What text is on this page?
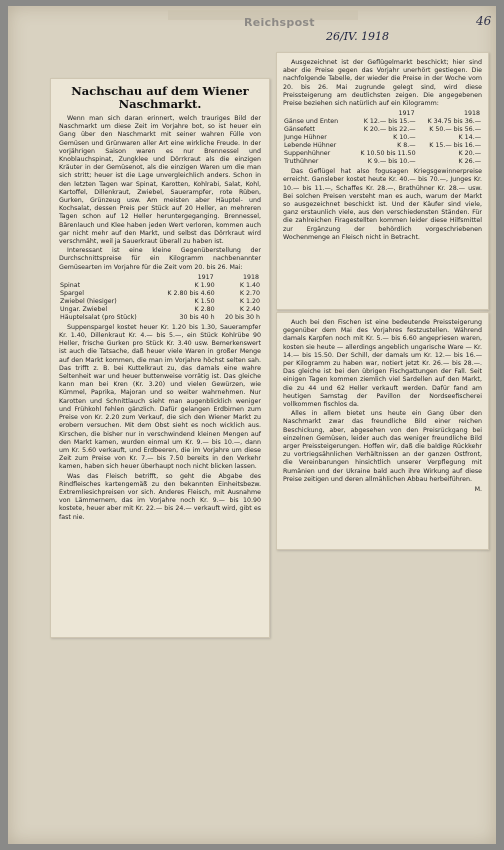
Reichspost
26/IV. 1918
46
Nachschau auf dem Wiener
Naschmarkt.

Wenn man sich daran erinnert, welch trauriges Bild der Naschmarkt um diese Zeit im Vorjahre bot, so ist heuer ein Gang über den Naschmarkt mit seiner wahren Fülle von Gemüsen und Grünwaren aller Art eine wirkliche Freude. In der vorjährigen Saison waren es nur Brennessel und Knoblauchspinat, Zungklee und Dörrkraut als die einzigen Kräuter in der Gemüsenot, als die einzigen Waren um die man sich stritt; heuer ist die Lage unvergleichlich anders. Schon in den letzten Tagen war Spinat, Karotten, Kohlrabi, Salat, Kohl, Kartoffel, Dillenkraut, Zwiebel, Sauerampfer, rote Rüben, Gurken, Grünzeug usw. Am meisten aber Häuptel- und Kochsalat, dessen Preis per Stück auf 20 Heller, an mehreren Tagen schon auf 12 Heller heruntergeganging. Brennessel, Bärenlauch und Klee haben jeden Wert verloren, kommen auch gar nicht mehr auf den Markt, und selbst das Dörrkraut wird verschmäht, weil ja Sauerkraut überall zu haben ist.

Interessant ist eine kleine Gegenüberstellung der Durchschnittspreise für ein Kilogramm nachbenannter Gemüsearten im Vorjahre für die Zeit vom 20. bis 26. Mai:

	1917	1918
Spinat	K 1.90	K 1.40
Spargel	K 2.80 bis 4.60	K 2.70
Zwiebel (hiesiger)	K 1.50	K 1.20
Ungar. Zwiebel	K 2.80	K 2.40
Häuptelsalat (pro Stück)	30 bis 40 h	20 bis 30 h

Suppenspargel kostet heuer Kr. 1.20 bis 1.30, Sauerampfer Kr. 1.40, Dillenkraut Kr. 4.— bis 5.—, ein Stück Kohlrübe 90 Heller, frische Gurken pro Stück Kr. 3.40 usw. Bemerkenswert ist auch die Tatsache, daß heuer viele Waren in großer Menge auf den Markt kommen, die man im Vorjahre höchst selten sah. Das trifft z. B. bei Kuttelkraut zu, das damals eine wahre Seltenheit war und heuer buttenweise vorrätig ist. Das gleiche kann man bei Kren (Kr. 3.20) und vielen Gewürzen, wie Kümmel, Paprika, Majoran und so weiter wahrnehmen. Nur Karotten und Schnittlauch sieht man augenblicklich weniger und Frühkohl fehlen gänzlich. Dafür gelangen Erdbirnen zum Preise von Kr. 2.20 zum Verkauf, die sich den Wiener Markt zu erobern versuchen. Mit dem Obst sieht es noch wicklich aus. Kirschen, die bisher nur in verschwindend kleinen Mengen auf den Markt kamen, wurden einmal um Kr. 9.— bis 10.—, dann um Kr. 5.60 verkauft, und Erdbeeren, die im Vorjahre um diese Zeit zum Preise von Kr. 7.— bis 7.50 bereits in den Verkehr kamen, haben sich heuer überhaupt noch nicht blicken lassen.

Was das Fleisch betrifft, so geht die Abgabe des Rindfleisches kartengemäß zu den bekannten Einheitsbezw. Extremliesichpreisen vor sich. Anderes Fleisch, mit Ausnahme von Lämmernem, das im Vorjahre noch Kr. 9.— bis 10.90 kostete, heuer aber mit Kr. 22.— bis 24.— verkauft wird, gibt es fast nie.

Ausgezeichnet ist der Geflügelmarkt beschickt; hier sind aber die Preise gegen das Vorjahr unerhört gestiegen. Die nachfolgende Tabelle, der wieder die Preise in der Woche vom 20. bis 26. Mai zugrunde gelegt sind, wird diese Preissteigerung am deutlichsten zeigen. Die angegebenen Preise beziehen sich natürlich auf ein Kilogramm:

	1917	1918
Gänse und Enten	K 12.— bis 15.—	K 34.75 bis 36.—
Gänsefett	K 20.— bis 22.—	K 50.— bis 56.—
Junge Hühner	K 10.—	K 14.—
Lebende Hühner	K 8.—	K 15.— bis 16.—
Suppenhühner	K 10.50 bis 11.50	K 20.—
Truthühner	K 9.— bis 10.—	K 26.—

Das Geflügel hat also fogusagen Kriegsgewinnerpreise erreicht. Gansleber kostet heute Kr. 40.— bis 70.—, Junges Kr. 10.— bis 11.—, Schaffes Kr. 28.—, Brathühner Kr. 28.— usw. Bei solchen Preisen versteht man es auch, warum der Markt so ausgezeichnet beschickt ist. Und der Käufer sind viele, ganz erstaunlich viele, aus den verschiedensten Ständen. Für die zahlreichen Firagestellten kommen leider diese Hilfsmittel zur Ergänzung der behördlich vorgeschriebenen Wochenmenge an Fleisch nicht in Betracht.

Auch bei den Fischen ist eine bedeutende Preissteigerung gegenüber dem Mai des Vorjahres festzustellen. Während damals Karpfen noch mit Kr. 5.— bis 6.60 angepriesen waren, kosten sie heute — allerdings angeblich ungarische Ware — Kr. 14.— bis 15.50. Der Schill, der damals um Kr. 12.— bis 16.— per Kilogramm zu haben war, notiert jetzt Kr. 26.— bis 28.—. Das gleiche ist bei den übrigen Fischgattungen der Fall. Seit einigen Tagen kommen ziemlich viel Sardellen auf den Markt, die zu 44 und 62 Heller verkauft werden. Dafür fand am heutigen Samstag der Pavillon der Nordseefischerei vollkommen fischlos da.

Alles in allem bietet uns heute ein Gang über den Naschmarkt zwar das freundliche Bild einer reichen Beschickung, aber, abgesehen von den Preisrückgang bei einzelnen Gemüsen, leider auch das weniger freundliche Bild arger Preissteigerungen. Hoffen wir, daß die baldige Rückkehr zu vortriegsähnlichen Verhältnissen an der ganzen Ostfront, die Vereinbarungen hinsichtlich unserer Verpflegung mit Rumänien und der Ukraine bald auch ihre Wirkung auf diese Preise zeitigen und deren allmählichen Abbau herbeiführen.

M.
